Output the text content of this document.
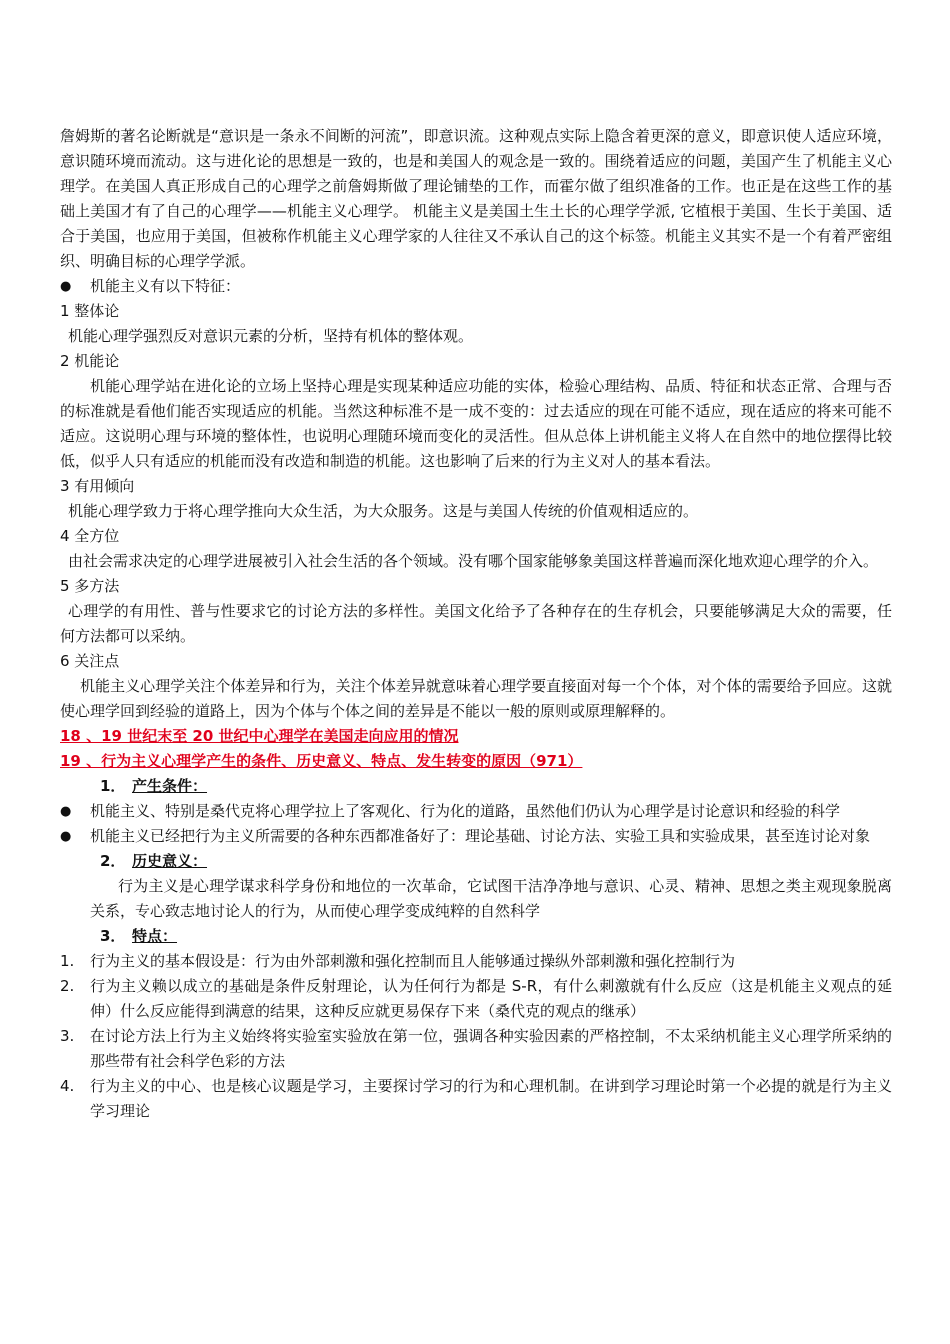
詹姆斯的著名论断就是“意识是一条永不间断的河流”，即意识流。这种观点实际上隐含着更深的意义，即意识使人适应环境，意识随环境而流动。这与进化论的思想是一致的，也是和美国人的观念是一致的。围绕着适应的问题，美国产生了机能主义心理学。在美国人真正形成自己的心理学之前詹姆斯做了理论铺垫的工作，而霍尔做了组织准备的工作。也正是在这些工作的基础上美国才有了自己的心理学——机能主义心理学。 机能主义是美国土生土长的心理学学派, 它植根于美国、生长于美国、适合于美国，也应用于美国，但被称作机能主义心理学家的人往往又不承认自己的这个标签。机能主义其实不是一个有着严密组织、明确目标的心理学学派。

●	机能主义有以下特征：

1 整体论

机能心理学强烈反对意识元素的分析，坚持有机体的整体观。

2 机能论

机能心理学站在进化论的立场上坚持心理是实现某种适应功能的实体，检验心理结构、品质、特征和状态正常、合理与否的标准就是看他们能否实现适应的机能。当然这种标准不是一成不变的：过去适应的现在可能不适应，现在适应的将来可能不适应。这说明心理与环境的整体性，也说明心理随环境而变化的灵活性。但从总体上讲机能主义将人在自然中的地位摆得比较低，似乎人只有适应的机能而没有改造和制造的机能。这也影响了后来的行为主义对人的基本看法。

3 有用倾向

机能心理学致力于将心理学推向大众生活，为大众服务。这是与美国人传统的价值观相适应的。

4 全方位

由社会需求决定的心理学进展被引入社会生活的各个领域。没有哪个国家能够象美国这样普遍而深化地欢迎心理学的介入。

5 多方法

心理学的有用性、普与性要求它的讨论方法的多样性。美国文化给予了各种存在的生存机会，只要能够满足大众的需要，任何方法都可以采纳。

6 关注点

机能主义心理学关注个体差异和行为，关注个体差异就意味着心理学要直接面对每一个个体，对个体的需要给予回应。这就使心理学回到经验的道路上，因为个体与个体之间的差异是不能以一般的原则或原理解释的。

18 、19 世纪末至 20 世纪中心理学在美国走向应用的情况
19 、行为主义心理学产生的条件、历史意义、特点、发生转变的原因（971）
1． 产生条件：
●	机能主义、特别是桑代克将心理学拉上了客观化、行为化的道路，虽然他们仍认为心理学是讨论意识和经验的科学
●	机能主义已经把行为主义所需要的各种东西都准备好了：理论基础、讨论方法、实验工具和实验成果，甚至连讨论对象
2． 历史意义：

行为主义是心理学谋求科学身份和地位的一次革命，它试图干洁净净地与意识、心灵、精神、思想之类主观现象脱离关系，专心致志地讨论人的行为，从而使心理学变成纯粹的自然科学

3． 特点：
1.	行为主义的基本假设是：行为由外部刺激和强化控制而且人能够通过操纵外部刺激和强化控制行为
2.	行为主义赖以成立的基础是条件反射理论，认为任何行为都是 S-R，有什么刺激就有什么反应（这是机能主义观点的延伸）什么反应能得到满意的结果，这种反应就更易保存下来（桑代克的观点的继承）
3.	在讨论方法上行为主义始终将实验室实验放在第一位，强调各种实验因素的严格控制，不太采纳机能主义心理学所采纳的那些带有社会科学色彩的方法
4.	行为主义的中心、也是核心议题是学习，主要探讨学习的行为和心理机制。在讲到学习理论时第一个必提的就是行为主义学习理论
